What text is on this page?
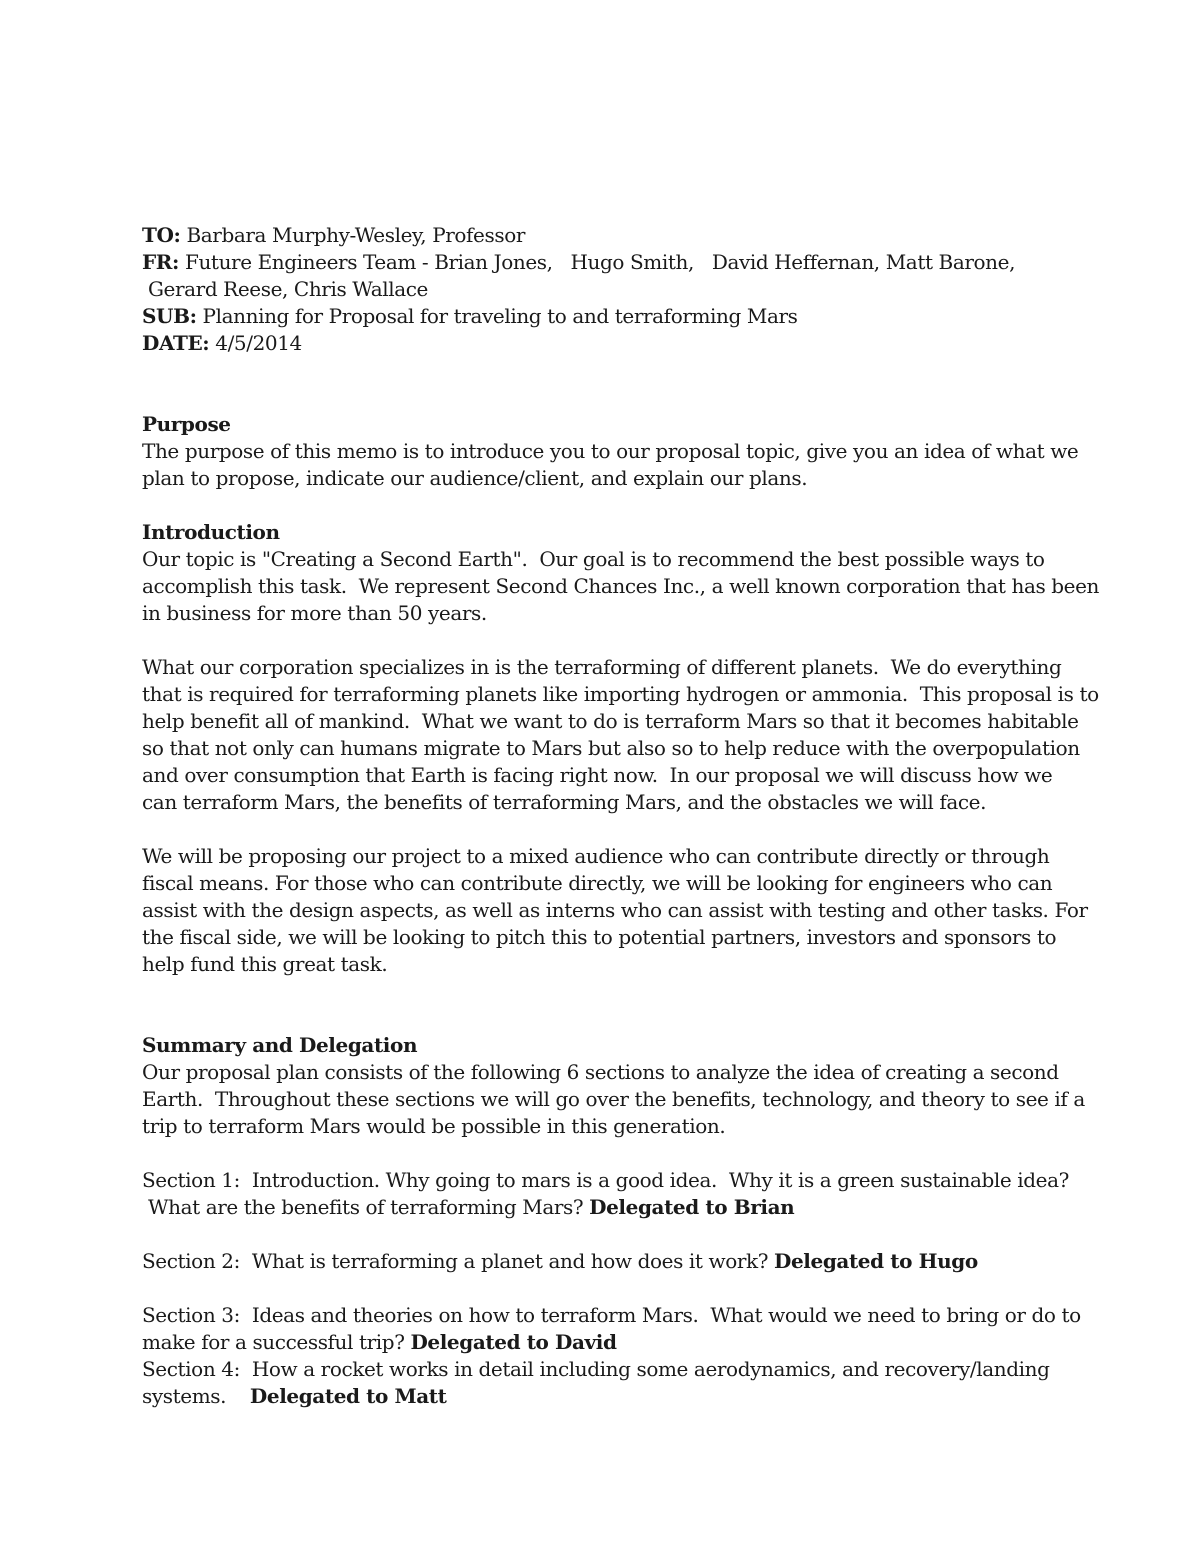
TO: Barbara Murphy-Wesley, Professor
FR: Future Engineers Team - Brian Jones,   Hugo Smith,   David Heffernan, Matt Barone,
Gerard Reese, Chris Wallace
SUB: Planning for Proposal for traveling to and terraforming Mars
DATE: 4/5/2014
Purpose
The purpose of this memo is to introduce you to our proposal topic, give you an idea of what we
plan to propose, indicate our audience/client, and explain our plans.
Introduction
Our topic is "Creating a Second Earth".  Our goal is to recommend the best possible ways to
accomplish this task.  We represent Second Chances Inc., a well known corporation that has been
in business for more than 50 years.
What our corporation specializes in is the terraforming of different planets.  We do everything
that is required for terraforming planets like importing hydrogen or ammonia.  This proposal is to
help benefit all of mankind.  What we want to do is terraform Mars so that it becomes habitable
so that not only can humans migrate to Mars but also so to help reduce with the overpopulation
and over consumption that Earth is facing right now.  In our proposal we will discuss how we
can terraform Mars, the benefits of terraforming Mars, and the obstacles we will face.
We will be proposing our project to a mixed audience who can contribute directly or through
fiscal means. For those who can contribute directly, we will be looking for engineers who can
assist with the design aspects, as well as interns who can assist with testing and other tasks. For
the fiscal side, we will be looking to pitch this to potential partners, investors and sponsors to
help fund this great task.
Summary and Delegation
Our proposal plan consists of the following 6 sections to analyze the idea of creating a second
Earth.  Throughout these sections we will go over the benefits, technology, and theory to see if a
trip to terraform Mars would be possible in this generation.
Section 1:  Introduction. Why going to mars is a good idea.  Why it is a green sustainable idea?
What are the benefits of terraforming Mars? Delegated to Brian
Section 2:  What is terraforming a planet and how does it work? Delegated to Hugo
Section 3:  Ideas and theories on how to terraform Mars.  What would we need to bring or do to
make for a successful trip? Delegated to David
Section 4:  How a rocket works in detail including some aerodynamics, and recovery/landing
systems.    Delegated to Matt
